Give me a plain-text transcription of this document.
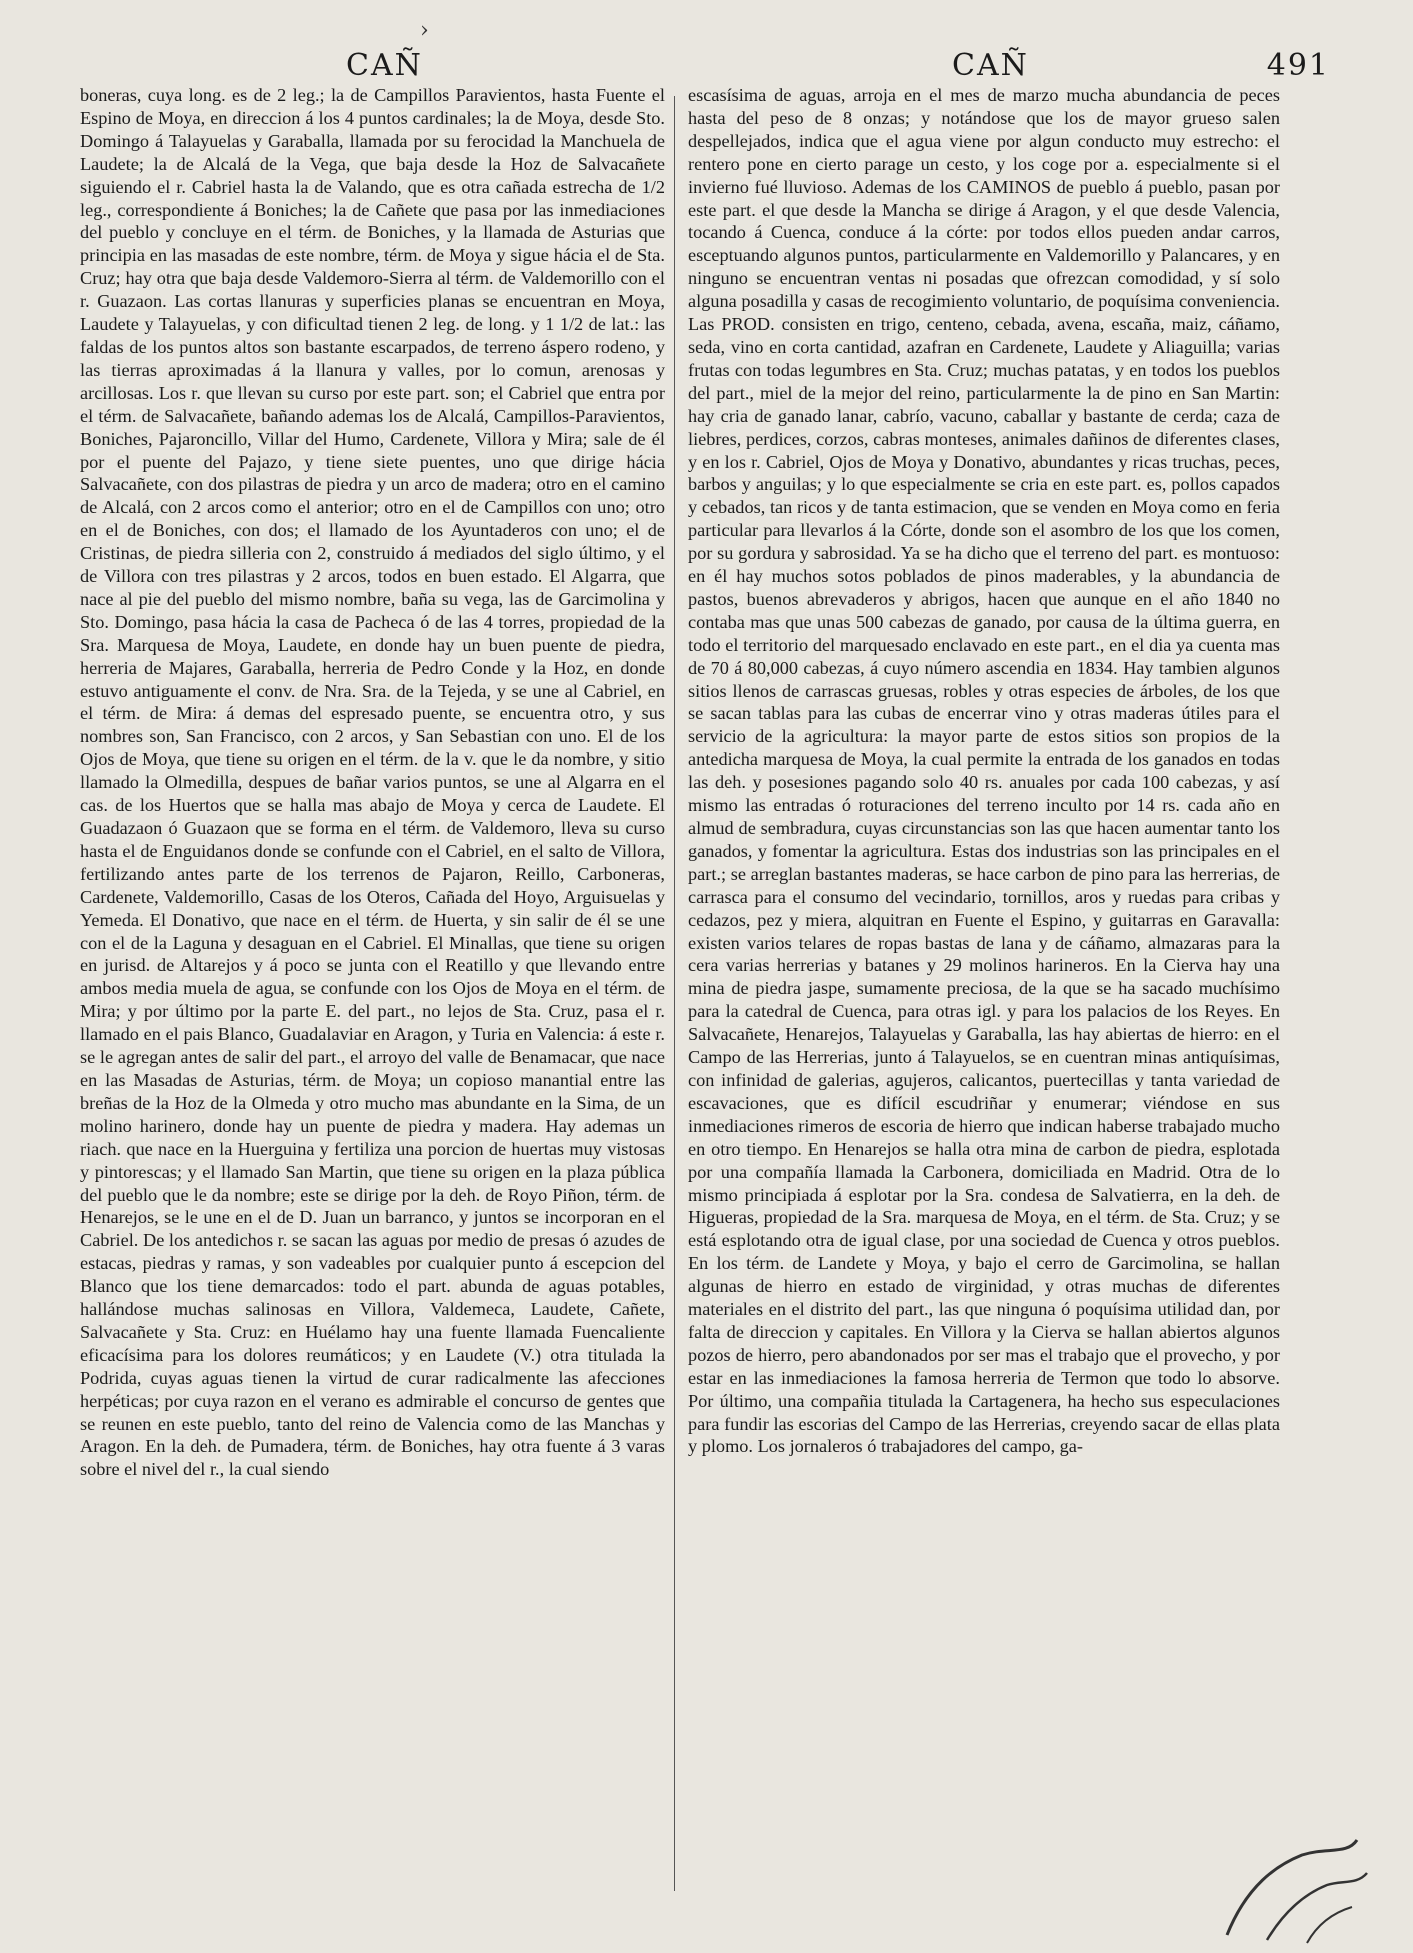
›
CAÑ	CAÑ	491

boneras, cuya long. es de 2 leg.; la de Campillos Paravientos, hasta Fuente el Espino de Moya, en direccion á los 4 puntos cardinales; la de Moya, desde Sto. Domingo á Talayuelas y Garaballa, llamada por su ferocidad la Manchuela de Laudete; la de Alcalá de la Vega, que baja desde la Hoz de Salvacañete siguiendo el r. Cabriel hasta la de Valando, que es otra cañada estrecha de 1/2 leg., correspondiente á Boniches; la de Cañete que pasa por las inmediaciones del pueblo y concluye en el térm. de Boniches, y la llamada de Asturias que principia en las masadas de este nombre, térm. de Moya y sigue hácia el de Sta. Cruz; hay otra que baja desde Valdemoro-Sierra al térm. de Valdemorillo con el r. Guazaon. Las cortas llanuras y superficies planas se encuentran en Moya, Laudete y Talayuelas, y con dificultad tienen 2 leg. de long. y 1 1/2 de lat.: las faldas de los puntos altos son bastante escarpados, de terreno áspero rodeno, y las tierras aproximadas á la llanura y valles, por lo comun, arenosas y arcillosas. Los r. que llevan su curso por este part. son; el Cabriel que entra por el térm. de Salvacañete, bañando ademas los de Alcalá, Campillos-Paravientos, Boniches, Pajaroncillo, Villar del Humo, Cardenete, Villora y Mira; sale de él por el puente del Pajazo, y tiene siete puentes, uno que dirige hácia Salvacañete, con dos pilastras de piedra y un arco de madera; otro en el camino de Alcalá, con 2 arcos como el anterior; otro en el de Campillos con uno; otro en el de Boniches, con dos; el llamado de los Ayuntaderos con uno; el de Cristinas, de piedra silleria con 2, construido á mediados del siglo último, y el de Villora con tres pilastras y 2 arcos, todos en buen estado. El Algarra, que nace al pie del pueblo del mismo nombre, baña su vega, las de Garcimolina y Sto. Domingo, pasa hácia la casa de Pacheca ó de las 4 torres, propiedad de la Sra. Marquesa de Moya, Laudete, en donde hay un buen puente de piedra, herreria de Majares, Garaballa, herreria de Pedro Conde y la Hoz, en donde estuvo antiguamente el conv. de Nra. Sra. de la Tejeda, y se une al Cabriel, en el térm. de Mira: á demas del espresado puente, se encuentra otro, y sus nombres son, San Francisco, con 2 arcos, y San Sebastian con uno. El de los Ojos de Moya, que tiene su origen en el térm. de la v. que le da nombre, y sitio llamado la Olmedilla, despues de bañar varios puntos, se une al Algarra en el cas. de los Huertos que se halla mas abajo de Moya y cerca de Laudete. El Guadazaon ó Guazaon que se forma en el térm. de Valdemoro, lleva su curso hasta el de Enguidanos donde se confunde con el Cabriel, en el salto de Villora, fertilizando antes parte de los terrenos de Pajaron, Reillo, Carboneras, Cardenete, Valdemorillo, Casas de los Oteros, Cañada del Hoyo, Arguisuelas y Yemeda. El Donativo, que nace en el térm. de Huerta, y sin salir de él se une con el de la Laguna y desaguan en el Cabriel. El Minallas, que tiene su origen en jurisd. de Altarejos y á poco se junta con el Reatillo y que llevando entre ambos media muela de agua, se confunde con los Ojos de Moya en el térm. de Mira; y por último por la parte E. del part., no lejos de Sta. Cruz, pasa el r. llamado en el pais Blanco, Guadalaviar en Aragon, y Turia en Valencia: á este r. se le agregan antes de salir del part., el arroyo del valle de Benamacar, que nace en las Masadas de Asturias, térm. de Moya; un copioso manantial entre las breñas de la Hoz de la Olmeda y otro mucho mas abundante en la Sima, de un molino harinero, donde hay un puente de piedra y madera. Hay ademas un riach. que nace en la Huerguina y fertiliza una porcion de huertas muy vistosas y pintorescas; y el llamado San Martin, que tiene su origen en la plaza pública del pueblo que le da nombre; este se dirige por la deh. de Royo Piñon, térm. de Henarejos, se le une en el de D. Juan un barranco, y juntos se incorporan en el Cabriel. De los antedichos r. se sacan las aguas por medio de presas ó azudes de estacas, piedras y ramas, y son vadeables por cualquier punto á escepcion del Blanco que los tiene demarcados: todo el part. abunda de aguas potables, hallándose muchas salinosas en Villora, Valdemeca, Laudete, Cañete, Salvacañete y Sta. Cruz: en Huélamo hay una fuente llamada Fuencaliente eficacísima para los dolores reumáticos; y en Laudete (V.) otra titulada la Podrida, cuyas aguas tienen la virtud de curar radicalmente las afecciones herpéticas; por cuya razon en el verano es admirable el concurso de gentes que se reunen en este pueblo, tanto del reino de Valencia como de las Manchas y Aragon. En la deh. de Pumadera, térm. de Boniches, hay otra fuente á 3 varas sobre el nivel del r., la cual siendo

escasísima de aguas, arroja en el mes de marzo mucha abundancia de peces hasta del peso de 8 onzas; y notándose que los de mayor grueso salen despellejados, indica que el agua viene por algun conducto muy estrecho: el rentero pone en cierto parage un cesto, y los coge por a. especialmente si el invierno fué lluvioso. Ademas de los CAMINOS de pueblo á pueblo, pasan por este part. el que desde la Mancha se dirige á Aragon, y el que desde Valencia, tocando á Cuenca, conduce á la córte: por todos ellos pueden andar carros, esceptuando algunos puntos, particularmente en Valdemorillo y Palancares, y en ninguno se encuentran ventas ni posadas que ofrezcan comodidad, y sí solo alguna posadilla y casas de recogimiento voluntario, de poquísima conveniencia. Las PROD. consisten en trigo, centeno, cebada, avena, escaña, maiz, cáñamo, seda, vino en corta cantidad, azafran en Cardenete, Laudete y Aliaguilla; varias frutas con todas legumbres en Sta. Cruz; muchas patatas, y en todos los pueblos del part., miel de la mejor del reino, particularmente la de pino en San Martin: hay cria de ganado lanar, cabrío, vacuno, caballar y bastante de cerda; caza de liebres, perdices, corzos, cabras monteses, animales dañinos de diferentes clases, y en los r. Cabriel, Ojos de Moya y Donativo, abundantes y ricas truchas, peces, barbos y anguilas; y lo que especialmente se cria en este part. es, pollos capados y cebados, tan ricos y de tanta estimacion, que se venden en Moya como en feria particular para llevarlos á la Córte, donde son el asombro de los que los comen, por su gordura y sabrosidad. Ya se ha dicho que el terreno del part. es montuoso: en él hay muchos sotos poblados de pinos maderables, y la abundancia de pastos, buenos abrevaderos y abrigos, hacen que aunque en el año 1840 no contaba mas que unas 500 cabezas de ganado, por causa de la última guerra, en todo el territorio del marquesado enclavado en este part., en el dia ya cuenta mas de 70 á 80,000 cabezas, á cuyo número ascendia en 1834. Hay tambien algunos sitios llenos de carrascas gruesas, robles y otras especies de árboles, de los que se sacan tablas para las cubas de encerrar vino y otras maderas útiles para el servicio de la agricultura: la mayor parte de estos sitios son propios de la antedicha marquesa de Moya, la cual permite la entrada de los ganados en todas las deh. y posesiones pagando solo 40 rs. anuales por cada 100 cabezas, y así mismo las entradas ó roturaciones del terreno inculto por 14 rs. cada año en almud de sembradura, cuyas circunstancias son las que hacen aumentar tanto los ganados, y fomentar la agricultura. Estas dos industrias son las principales en el part.; se arreglan bastantes maderas, se hace carbon de pino para las herrerias, de carrasca para el consumo del vecindario, tornillos, aros y ruedas para cribas y cedazos, pez y miera, alquitran en Fuente el Espino, y guitarras en Garavalla: existen varios telares de ropas bastas de lana y de cáñamo, almazaras para la cera varias herrerias y batanes y 29 molinos harineros. En la Cierva hay una mina de piedra jaspe, sumamente preciosa, de la que se ha sacado muchísimo para la catedral de Cuenca, para otras igl. y para los palacios de los Reyes. En Salvacañete, Henarejos, Talayuelas y Garaballa, las hay abiertas de hierro: en el Campo de las Herrerias, junto á Talayuelos, se en cuentran minas antiquísimas, con infinidad de galerias, agujeros, calicantos, puertecillas y tanta variedad de escavaciones, que es difícil escudriñar y enumerar; viéndose en sus inmediaciones rimeros de escoria de hierro que indican haberse trabajado mucho en otro tiempo. En Henarejos se halla otra mina de carbon de piedra, esplotada por una compañía llamada la Carbonera, domiciliada en Madrid. Otra de lo mismo principiada á esplotar por la Sra. condesa de Salvatierra, en la deh. de Higueras, propiedad de la Sra. marquesa de Moya, en el térm. de Sta. Cruz; y se está esplotando otra de igual clase, por una sociedad de Cuenca y otros pueblos. En los térm. de Landete y Moya, y bajo el cerro de Garcimolina, se hallan algunas de hierro en estado de virginidad, y otras muchas de diferentes materiales en el distrito del part., las que ninguna ó poquísima utilidad dan, por falta de direccion y capitales. En Villora y la Cierva se hallan abiertos algunos pozos de hierro, pero abandonados por ser mas el trabajo que el provecho, y por estar en las inmediaciones la famosa herreria de Termon que todo lo absorve. Por último, una compañia titulada la Cartagenera, ha hecho sus especulaciones para fundir las escorias del Campo de las Herrerias, creyendo sacar de ellas plata y plomo. Los jornaleros ó trabajadores del campo, ga-
